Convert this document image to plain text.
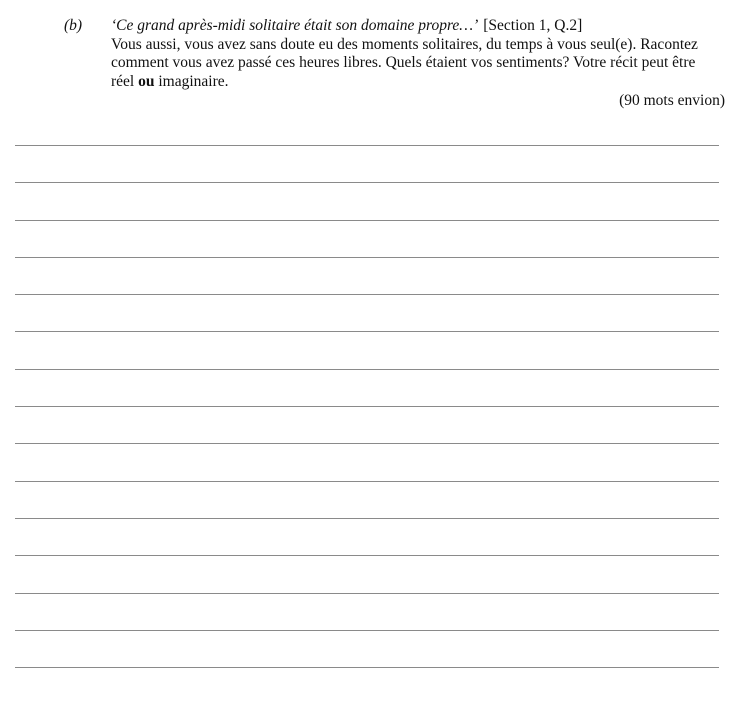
(b) ‘Ce grand après-midi solitaire était son domaine propre…’ [Section 1, Q.2]
Vous aussi, vous avez sans doute eu des moments solitaires, du temps à vous seul(e). Racontez
comment vous avez passé ces heures libres. Quels étaient vos sentiments? Votre récit peut être
réel ou imaginaire.
(90 mots envion)
